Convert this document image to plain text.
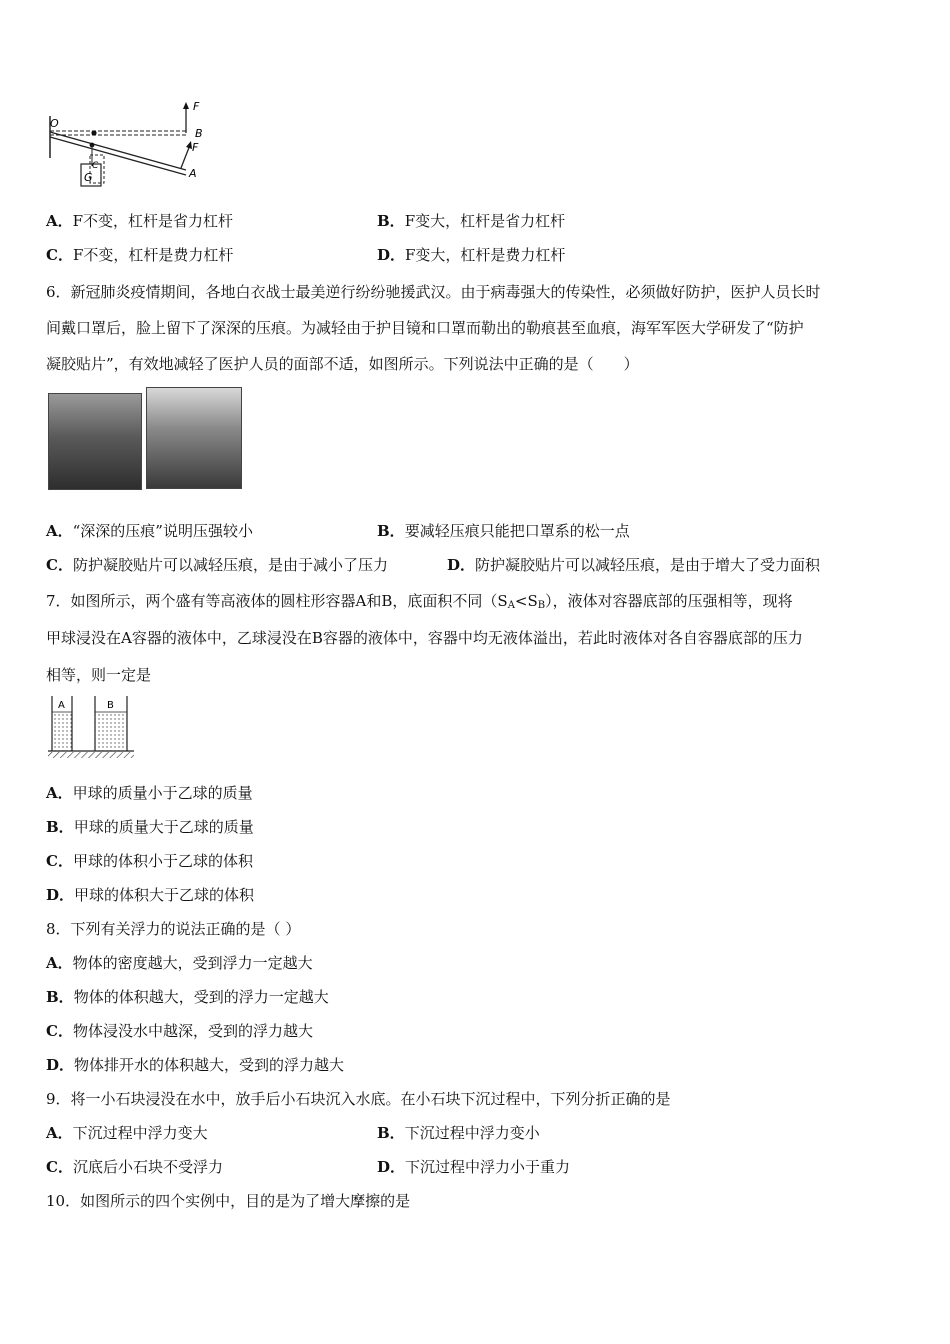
O
F
B
F
A
G
C
A．F不变，杠杆是省力杠杆	B．F变大，杠杆是省力杠杆
C．F不变，杠杆是费力杠杆	D．F变大，杠杆是费力杠杆
6．新冠肺炎疫情期间，各地白衣战士最美逆行纷纷驰援武汉。由于病毒强大的传染性，必须做好防护，医护人员长时
间戴口罩后，脸上留下了深深的压痕。为减轻由于护目镜和口罩而勒出的勒痕甚至血痕，海军军医大学研发了“防护
凝胶贴片”，有效地减轻了医护人员的面部不适，如图所示。下列说法中正确的是（　　）
A．“深深的压痕”说明压强较小	B．要减轻压痕只能把口罩系的松一点
C．防护凝胶贴片可以减轻压痕，是由于减小了压力	D．防护凝胶贴片可以减轻压痕，是由于增大了受力面积
7．如图所示，两个盛有等高液体的圆柱形容器A和B，底面积不同$(S_A<S_B)$，液体对容器底部的压强相等，现将
甲球浸没在A容器的液体中，乙球浸没在B容器的液体中，容器中均无液体溢出，若此时液体对各自容器底部的压力
相等，则一定是
A	B
A．甲球的质量小于乙球的质量
B．甲球的质量大于乙球的质量
C．甲球的体积小于乙球的体积
D．甲球的体积大于乙球的体积
8．下列有关浮力的说法正确的是（ ）
A．物体的密度越大，受到浮力一定越大
B．物体的体积越大，受到的浮力一定越大
C．物体浸没水中越深，受到的浮力越大
D．物体排开水的体积越大，受到的浮力越大
9．将一小石块浸没在水中，放手后小石块沉入水底。在小石块下沉过程中，下列分折正确的是
A．下沉过程中浮力变大	B．下沉过程中浮力变小
C．沉底后小石块不受浮力	D．下沉过程中浮力小于重力
10．如图所示的四个实例中，目的是为了增大摩擦的是
